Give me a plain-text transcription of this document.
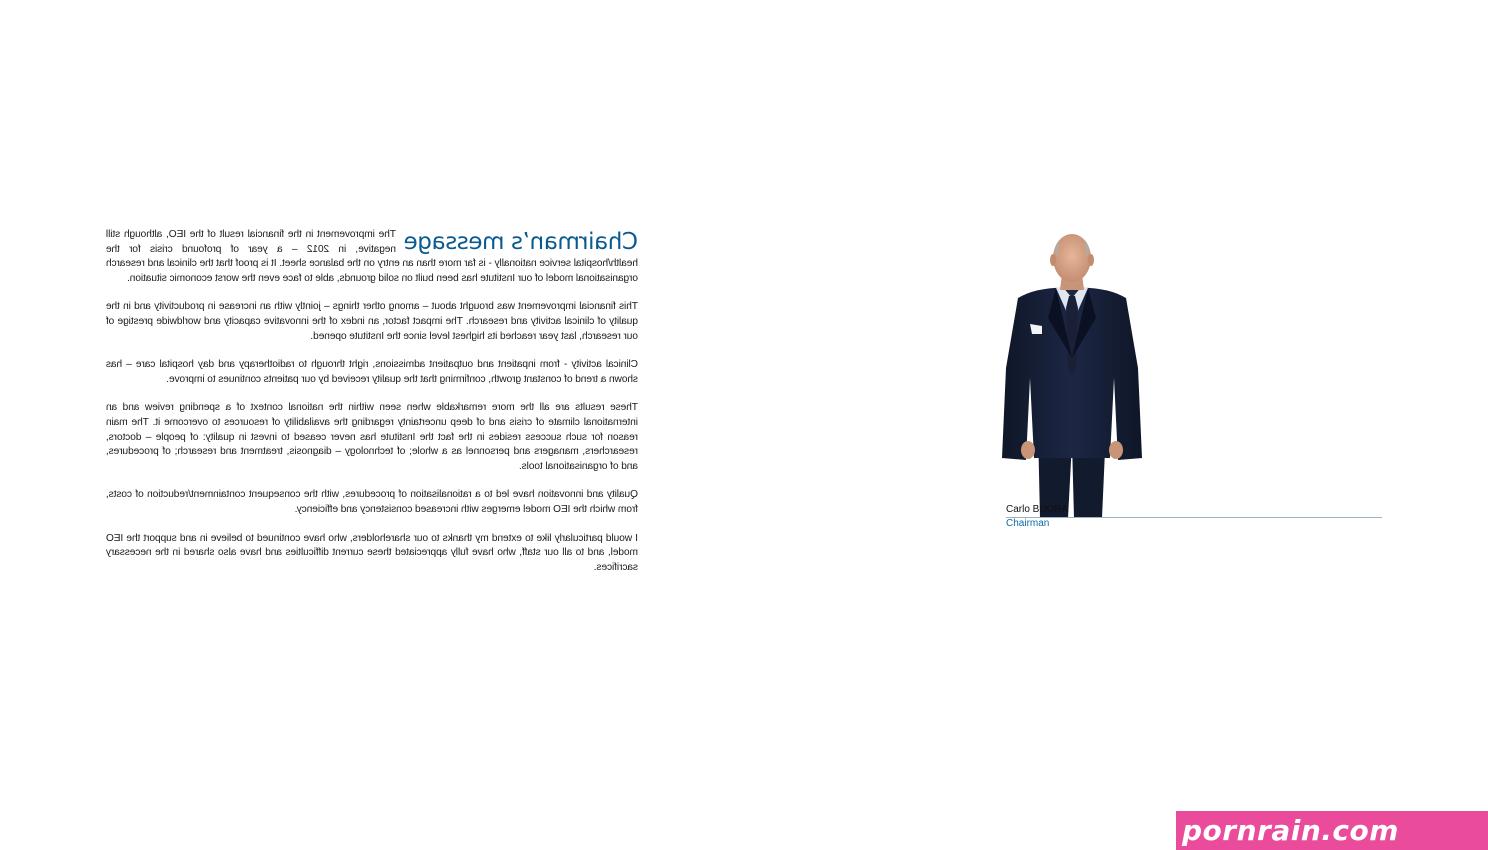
Chairman’s message

The improvement in the financial result of the IEO, although still negative, in 2012 – a year of profound crisis for the health/hospital service nationally - is far more than an entry on the balance sheet. It is proof that the clinical and research organisational model of our Institute has been built on solid grounds, able to face even the worst economic situation.

This financial improvement was brought about – among other things – jointly with an increase in productivity and in the quality of clinical activity and research. The impact factor, an index of the innovative capacity and worldwide prestige of our research, last year reached its highest level since the Institute opened.

Clinical activity - from inpatient and outpatient admissions, right through to radiotherapy and day hospital care – has shown a trend of constant growth, confirming that the quality received by our patients continues to improve.

These results are all the more remarkable when seen within the national context of a spending review and an international climate of crisis and of deep uncertainty regarding the availability of resources to overcome it. The main reason for such success resides in the fact the Institute has never ceased to invest in quality: of people – doctors, researchers, managers and personnel as a whole; of technology – diagnosis, treatment and research; of procedures, and of organisational tools.

Quality and innovation have led to a rationalisation of procedures, with the consequent containment/reduction of costs, from which the IEO model emerges with increased consistency and efficiency.

I would particularly like to extend my thanks to our shareholders, who have continued to believe in and support the IEO model, and to all our staff, who have fully appreciated these current difficulties and have also shared in the necessary sacrifices.

Carlo BUORA
Chairman
pornrain.com
